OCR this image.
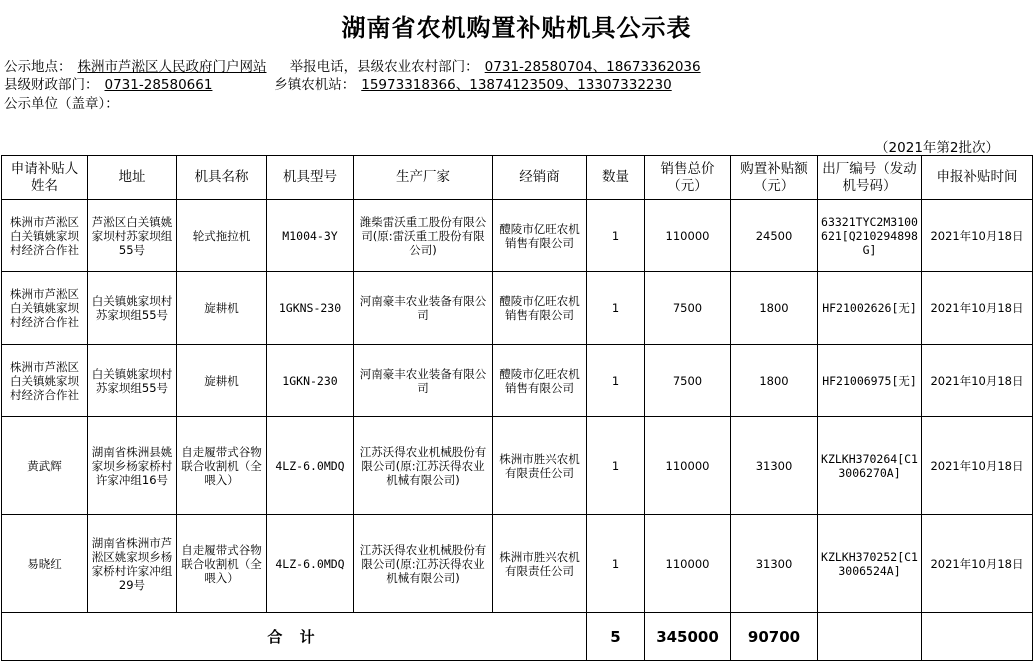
湖南省农机购置补贴机具公示表
公示地点： 株洲市芦淞区人民政府门户网站 举报电话，县级农业农村部门： 0731-28580704、18673362036
县级财政部门： 0731-28580661	乡镇农机站： 15973318366、13874123509、13307332230
公示单位（盖章）：
（2021年第2批次）
申请补贴人姓名	地址	机具名称	机具型号	生产厂家	经销商	数量	销售总价（元）	购置补贴额（元）	出厂编号（发动机号码）	申报补贴时间
株洲市芦淞区白关镇姚家坝村经济合作社	芦淞区白关镇姚家坝村苏家坝组55号	轮式拖拉机	M1004-3Y	潍柴雷沃重工股份有限公司(原:雷沃重工股份有限公司)	醴陵市亿旺农机销售有限公司	1	110000	24500	63321TYC2M3100621[Q210294898G]	2021年10月18日
株洲市芦淞区白关镇姚家坝村经济合作社	白关镇姚家坝村苏家坝组55号	旋耕机	1GKNS-230	河南豪丰农业装备有限公司	醴陵市亿旺农机销售有限公司	1	7500	1800	HF21002626[无]	2021年10月18日
株洲市芦淞区白关镇姚家坝村经济合作社	白关镇姚家坝村苏家坝组55号	旋耕机	1GKN-230	河南豪丰农业装备有限公司	醴陵市亿旺农机销售有限公司	1	7500	1800	HF21006975[无]	2021年10月18日
黄武辉	湖南省株洲县姚家坝乡杨家桥村许家冲组16号	自走履带式谷物联合收割机（全喂入）	4LZ-6.0MDQ	江苏沃得农业机械股份有限公司(原:江苏沃得农业机械有限公司)	株洲市胜兴农机有限责任公司	1	110000	31300	KZLKH370264[C13006270A]	2021年10月18日
易晓红	湖南省株洲市芦淞区姚家坝乡杨家桥村许家冲组29号	自走履带式谷物联合收割机（全喂入）	4LZ-6.0MDQ	江苏沃得农业机械股份有限公司(原:江苏沃得农业机械有限公司)	株洲市胜兴农机有限责任公司	1	110000	31300	KZLKH370252[C13006524A]	2021年10月18日
合 计						5	345000	90700		
